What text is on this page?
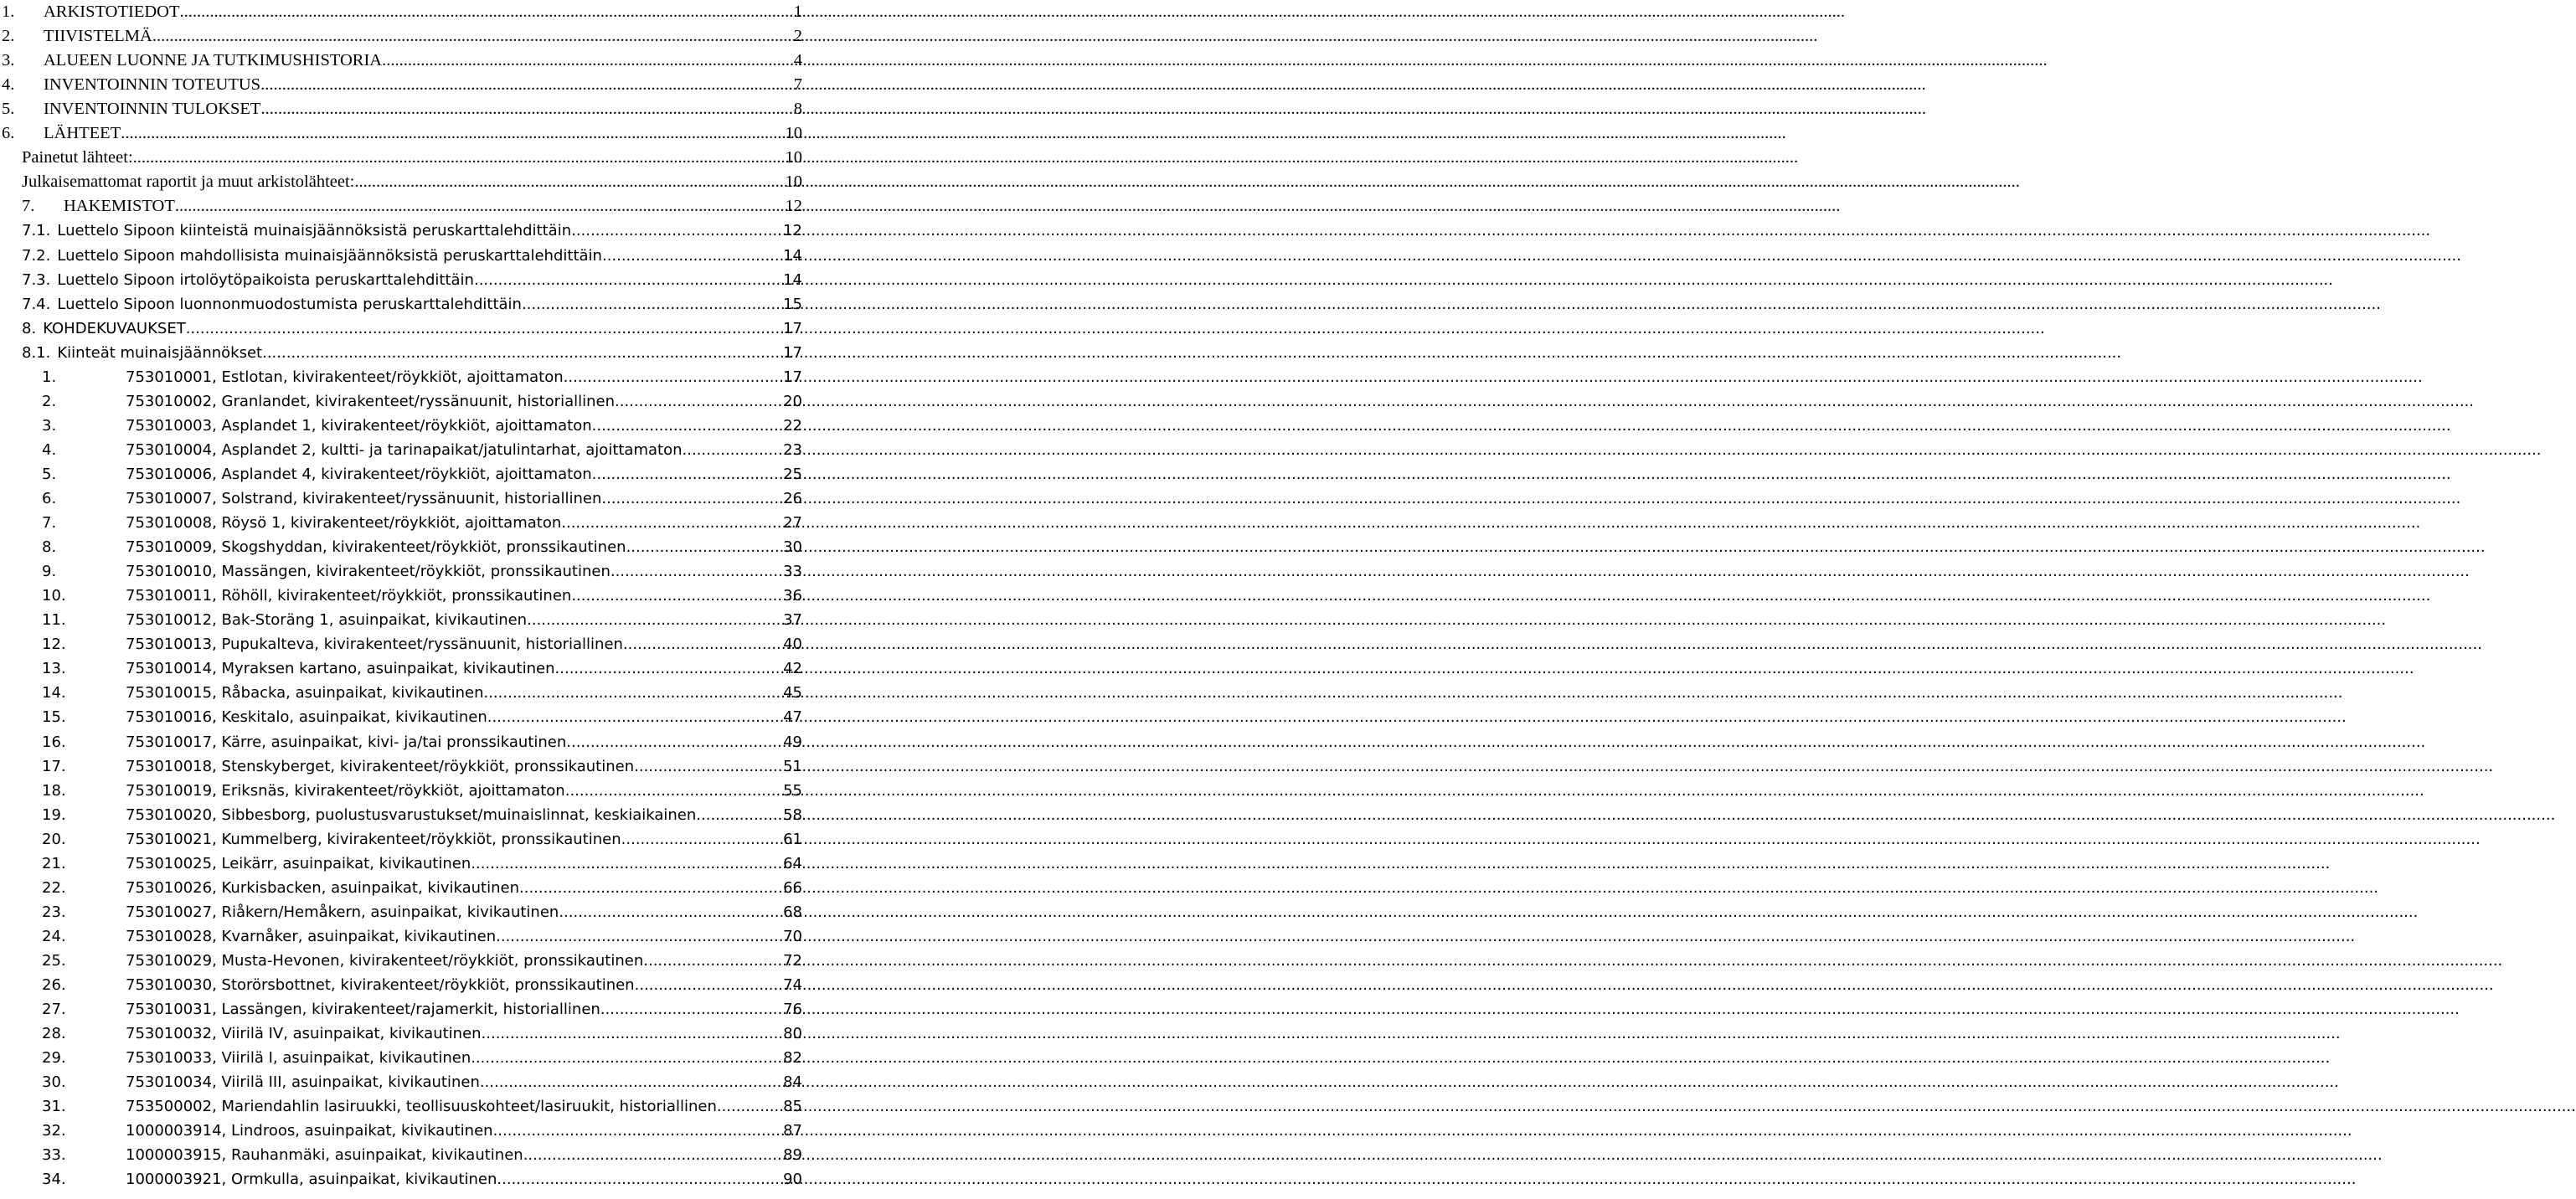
1.	ARKISTOTIEDOT .....	1
2.	TIIVISTELMÄ .....	2
3.	ALUEEN LUONNE JA TUTKIMUSHISTORIA .....	4
4.	INVENTOINNIN TOTEUTUS .....	7
5.	INVENTOINNIN TULOKSET .....	8
6.	LÄHTEET .....	10
Painetut lähteet: .....	10
Julkaisemattomat raportit ja muut arkistolähteet: .....	10
7.	HAKEMISTOT .....	12
7.1. Luettelo Sipoon kiinteistä muinaisjäännöksistä peruskarttalehdittäin .....	12
7.2. Luettelo Sipoon mahdollisista muinaisjäännöksistä peruskarttalehdittäin .....	14
7.3. Luettelo Sipoon irtolöytöpaikoista peruskarttalehdittäin .....	14
7.4. Luettelo Sipoon luonnonmuodostumista peruskarttalehdittäin .....	15
8. KOHDEKUVAUKSET .....	17
8.1. Kiinteät muinaisjäännökset .....	17
1.	753010001, Estlotan, kivirakenteet/röykkiöt, ajoittamaton .....	17
2.	753010002, Granlandet, kivirakenteet/ryssänuunit, historiallinen .....	20
3.	753010003, Asplandet 1, kivirakenteet/röykkiöt, ajoittamaton .....	22
4.	753010004, Asplandet 2, kultti- ja tarinapaikat/jatulintarhat, ajoittamaton .....	23
5.	753010006, Asplandet 4, kivirakenteet/röykkiöt, ajoittamaton .....	25
6.	753010007, Solstrand, kivirakenteet/ryssänuunit, historiallinen .....	26
7.	753010008, Röysö 1, kivirakenteet/röykkiöt, ajoittamaton .....	27
8.	753010009, Skogshyddan, kivirakenteet/röykkiöt, pronssikautinen .....	30
9.	753010010, Massängen, kivirakenteet/röykkiöt, pronssikautinen .....	33
10.	753010011, Röhöll, kivirakenteet/röykkiöt, pronssikautinen .....	36
11.	753010012, Bak-Storäng 1, asuinpaikat, kivikautinen .....	37
12.	753010013, Pupukalteva, kivirakenteet/ryssänuunit, historiallinen .....	40
13.	753010014, Myraksen kartano, asuinpaikat, kivikautinen .....	42
14.	753010015, Råbacka, asuinpaikat, kivikautinen .....	45
15.	753010016, Keskitalo, asuinpaikat, kivikautinen .....	47
16.	753010017, Kärre, asuinpaikat, kivi- ja/tai pronssikautinen .....	49
17.	753010018, Stenskyberget, kivirakenteet/röykkiöt, pronssikautinen .....	51
18.	753010019, Eriksnäs, kivirakenteet/röykkiöt, ajoittamaton .....	55
19.	753010020, Sibbesborg, puolustusvarustukset/muinaislinnat, keskiaikainen .....	58
20.	753010021, Kummelberg, kivirakenteet/röykkiöt, pronssikautinen .....	61
21.	753010025, Leikärr, asuinpaikat, kivikautinen .....	64
22.	753010026, Kurkisbacken, asuinpaikat, kivikautinen .....	66
23.	753010027, Riåkern/Hemåkern, asuinpaikat, kivikautinen .....	68
24.	753010028, Kvarnåker, asuinpaikat, kivikautinen .....	70
25.	753010029, Musta-Hevonen, kivirakenteet/röykkiöt, pronssikautinen .....	72
26.	753010030, Storörsbottnet, kivirakenteet/röykkiöt, pronssikautinen .....	74
27.	753010031, Lassängen, kivirakenteet/rajamerkit, historiallinen .....	76
28.	753010032, Viirilä IV, asuinpaikat, kivikautinen .....	80
29.	753010033, Viirilä I, asuinpaikat, kivikautinen .....	82
30.	753010034, Viirilä III, asuinpaikat, kivikautinen .....	84
31.	753500002, Mariendahlin lasiruukki, teollisuuskohteet/lasiruukit, historiallinen .....	85
32.	1000003914, Lindroos, asuinpaikat, kivikautinen .....	87
33.	1000003915, Rauhanmäki, asuinpaikat, kivikautinen .....	89
34.	1000003921, Ormkulla, asuinpaikat, kivikautinen .....	90
